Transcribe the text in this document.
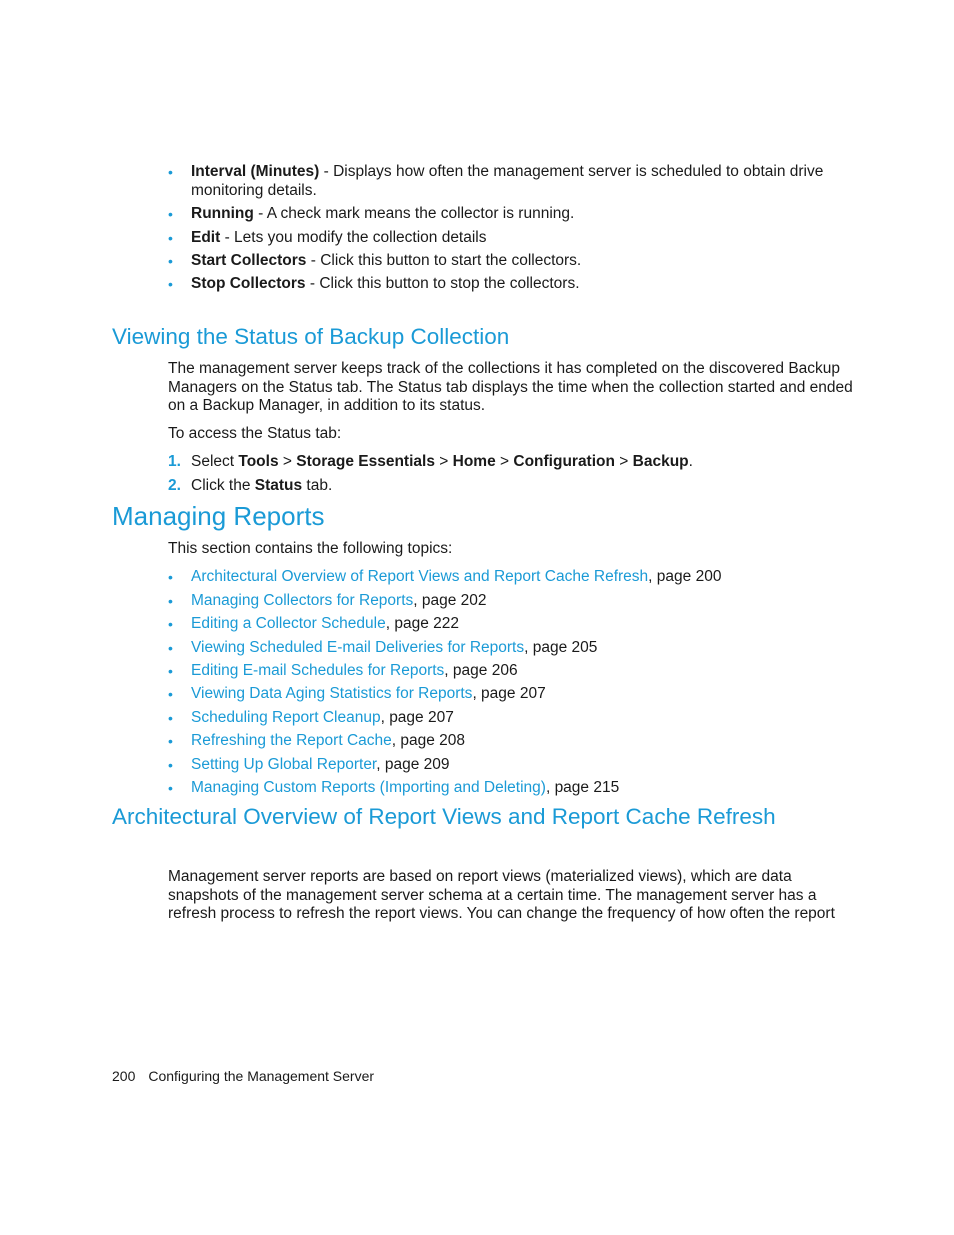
• Interval (Minutes) - Displays how often the management server is scheduled to obtain drive
monitoring details.
• Running - A check mark means the collector is running.
• Edit - Lets you modify the collection details
• Start Collectors - Click this button to start the collectors.
• Stop Collectors - Click this button to stop the collectors.
Viewing the Status of Backup Collection
The management server keeps track of the collections it has completed on the discovered Backup
Managers on the Status tab. The Status tab displays the time when the collection started and ended
on a Backup Manager, in addition to its status.
To access the Status tab:
1. Select Tools > Storage Essentials > Home > Configuration > Backup.
2. Click the Status tab.
Managing Reports
This section contains the following topics:
• Architectural Overview of Report Views and Report Cache Refresh, page 200
• Managing Collectors for Reports, page 202
• Editing a Collector Schedule, page 222
• Viewing Scheduled E-mail Deliveries for Reports, page 205
• Editing E-mail Schedules for Reports, page 206
• Viewing Data Aging Statistics for Reports, page 207
• Scheduling Report Cleanup, page 207
• Refreshing the Report Cache, page 208
• Setting Up Global Reporter, page 209
• Managing Custom Reports (Importing and Deleting), page 215
Architectural Overview of Report Views and Report Cache Refresh
Management server reports are based on report views (materialized views), which are data
snapshots of the management server schema at a certain time. The management server has a
refresh process to refresh the report views. You can change the frequency of how often the report
200 Configuring the Management Server
